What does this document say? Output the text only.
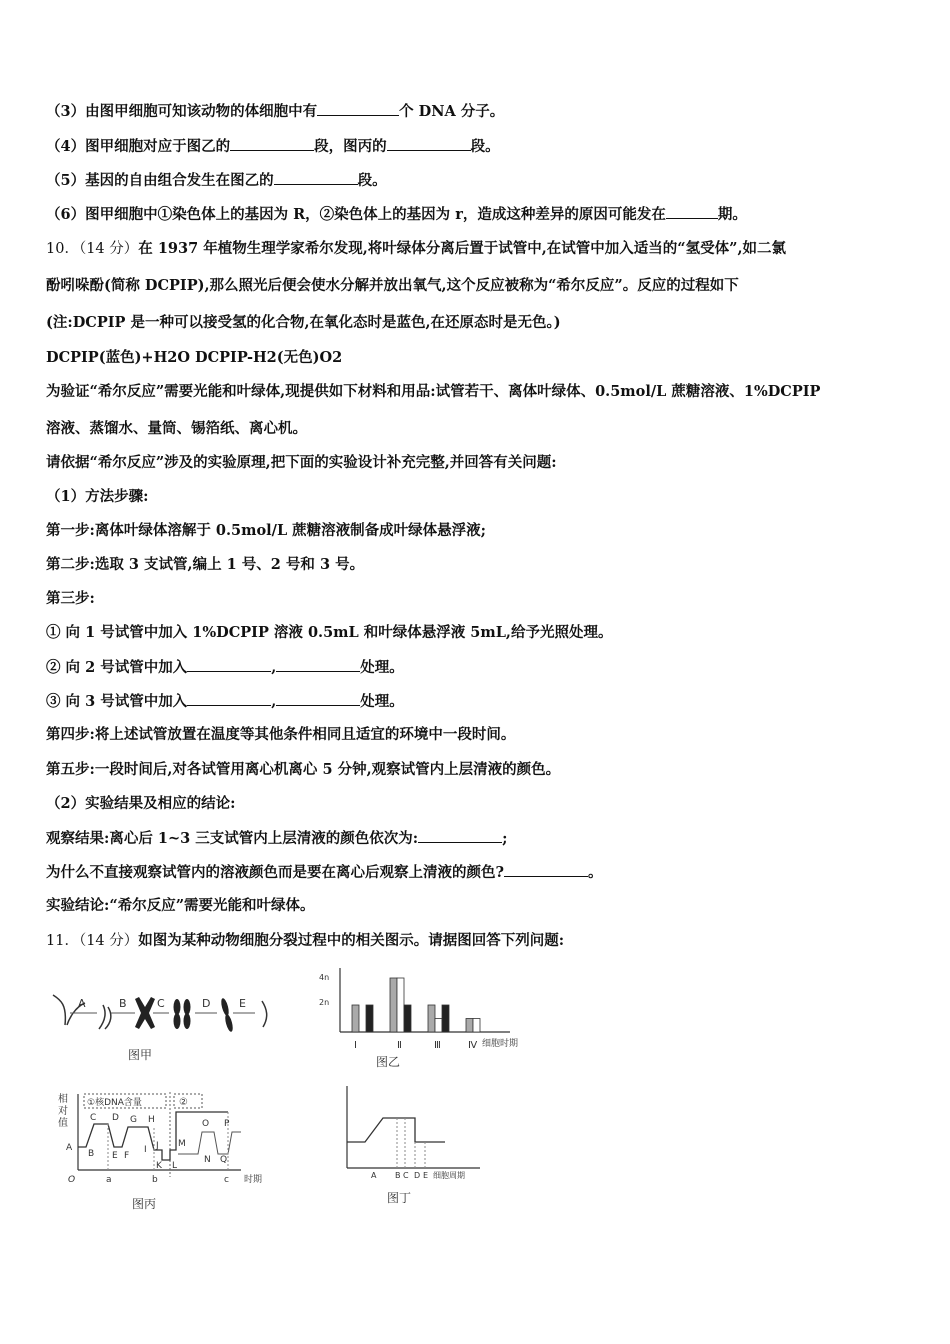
（3）由图甲细胞可知该动物的体细胞中有	个 DNA 分子。
（4）图甲细胞对应于图乙的	段，图丙的	段。
（5）基因的自由组合发生在图乙的	段。
（6）图甲细胞中①染色体上的基因为 R，②染色体上的基因为 r，造成这种差异的原因可能发在	期。
10．（14 分）在 1937 年植物生理学家希尔发现,将叶绿体分离后置于试管中,在试管中加入适当的“氢受体”,如二氯
酚吲哚酚(简称 DCPIP),那么照光后便会使水分解并放出氧气,这个反应被称为“希尔反应”。反应的过程如下
(注:DCPIP 是一种可以接受氢的化合物,在氧化态时是蓝色,在还原态时是无色。)
DCPIP(蓝色)+H2O DCPIP-H2(无色)O2
为验证“希尔反应”需要光能和叶绿体,现提供如下材料和用品:试管若干、离体叶绿体、0.5mol/L 蔗糖溶液、1%DCPIP
溶液、蒸馏水、量筒、锡箔纸、离心机。
请依据“希尔反应”涉及的实验原理,把下面的实验设计补充完整,并回答有关问题:
（1）方法步骤:
第一步:离体叶绿体溶解于 0.5mol/L 蔗糖溶液制备成叶绿体悬浮液;
第二步:选取 3 支试管,编上 1 号、2 号和 3 号。
第三步:
① 向 1 号试管中加入 1%DCPIP 溶液 0.5mL 和叶绿体悬浮液 5mL,给予光照处理。
② 向 2 号试管中加入	,	处理。
③ 向 3 号试管中加入	,	处理。
第四步:将上述试管放置在温度等其他条件相同且适宜的环境中一段时间。
第五步:一段时间后,对各试管用离心机离心 5 分钟,观察试管内上层清液的颜色。
（2）实验结果及相应的结论:
观察结果:离心后 1~3 三支试管内上层清液的颜色依次为:	;
为什么不直接观察试管内的溶液颜色而是要在离心后观察上清液的颜色?	。
实验结论:“希尔反应”需要光能和叶绿体。
11．（14 分）如图为某种动物细胞分裂过程中的相关图示。请据图回答下列问题:
A	B	C	D	E
图甲
4n
2n
Ⅰ	Ⅱ	Ⅲ	Ⅳ 细胞时期
图乙
相
对
值
①核DNA含量	②
A
B
C D
E F
G H
I J
K L
M
N
O P
Q
O	a	b	c 时期
图丙
A B C D E 细胞周期
图丁
